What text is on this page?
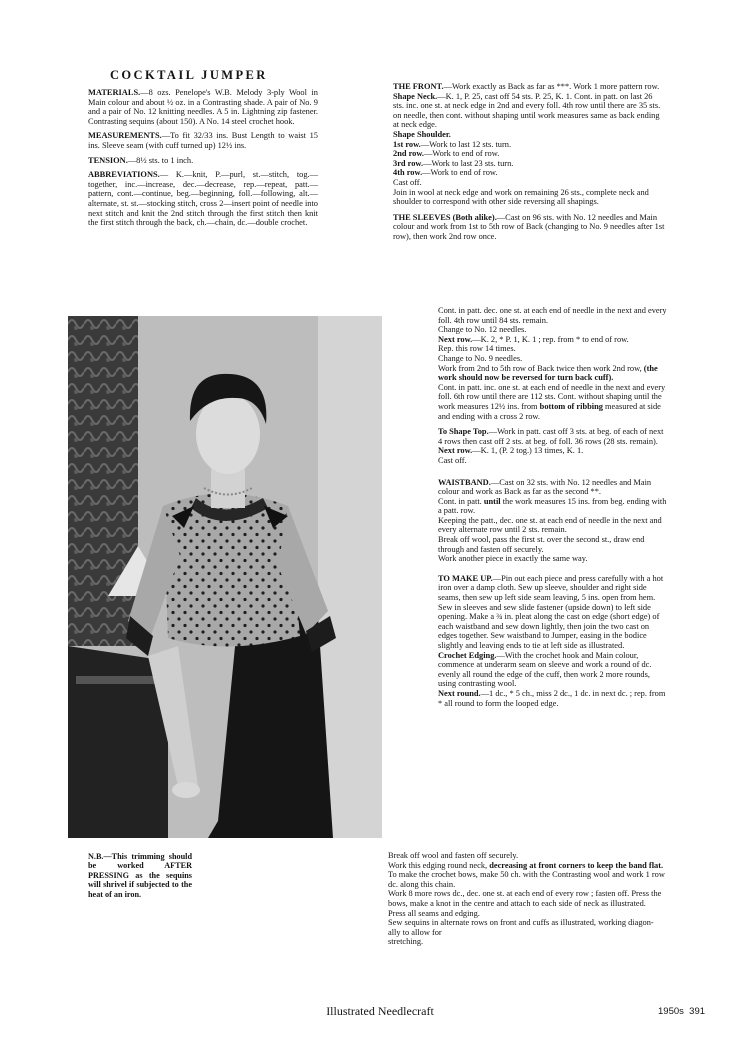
COCKTAIL JUMPER

MATERIALS.—8 ozs. Penelope's W.B. Melody 3-ply Wool in Main colour and about ½ oz. in a Contrasting shade. A pair of No. 9 and a pair of No. 12 knitting needles. A 5 in. Lightning zip fastener. Contrasting sequins (about 150). A No. 14 steel crochet hook.

MEASUREMENTS.—To fit 32/33 ins. Bust Length to waist 15 ins. Sleeve seam (with cuff turned up) 12½ ins.

TENSION.—8½ sts. to 1 inch.

ABBREVIATIONS.— K.—knit, P.—purl, st.—stitch, tog.—together, inc.—increase, dec.—decrease, rep.—repeat, patt.—pattern, cont.—continue, beg.—beginning, foll.—following, alt.—alternate, st. st.—stocking stitch, cross 2—insert point of needle into next stitch and knit the 2nd stitch through the first stitch then knit the first stitch through the back, ch.—chain, dc.—double crochet.

THE FRONT.—Work exactly as Back as far as ***. Work 1 more pattern row.

Shape Neck.—K. 1, P. 25, cast off 54 sts. P. 25, K. 1. Cont. in patt. on last 26 sts. inc. one st. at neck edge in 2nd and every foll. 4th row until there are 35 sts. on needle, then cont. without shaping until work measures same as back ending at neck edge.

Shape Shoulder.

1st row.—Work to last 12 sts. turn.

2nd row.—Work to end of row.

3rd row.—Work to last 23 sts. turn.

4th row.—Work to end of row.

Cast off.

Join in wool at neck edge and work on remaining 26 sts., complete neck and shoulder to correspond with other side reversing all shapings.

THE SLEEVES (Both alike).—Cast on 96 sts. with No. 12 needles and Main colour and work from 1st to 5th row of Back (changing to No. 9 needles after 1st row), then work 2nd row once.

Cont. in patt. dec. one st. at each end of needle in the next and every foll. 4th row until 84 sts. remain.

Change to No. 12 needles.

Next row.—K. 2, * P. 1, K. 1 ; rep. from * to end of row.

Rep. this row 14 times.

Change to No. 9 needles.

Work from 2nd to 5th row of Back twice then work 2nd row, (the work should now be reversed for turn back cuff).

Cont. in patt. inc. one st. at each end of needle in the next and every foll. 6th row until there are 112 sts. Cont. without shaping until the work measures 12½ ins. from bottom of ribbing measured at side and ending with a cross 2 row.

To Shape Top.—Work in patt. cast off 3 sts. at beg. of each of next 4 rows then cast off 2 sts. at beg. of foll. 36 rows (28 sts. remain).

Next row.—K. 1, (P. 2 tog.) 13 times, K. 1.

Cast off.

WAISTBAND.—Cast on 32 sts. with No. 12 needles and Main colour and work as Back as far as the second **.

Cont. in patt. until the work measures 15 ins. from beg. ending with a patt. row.

Keeping the patt., dec. one st. at each end of needle in the next and every alternate row until 2 sts. remain.

Break off wool, pass the first st. over the second st., draw end through and fasten off securely.

Work another piece in exactly the same way.

TO MAKE UP.—Pin out each piece and press carefully with a hot iron over a damp cloth. Sew up sleeve, shoulder and right side seams, then sew up left side seam leaving, 5 ins. open from hem. Sew in sleeves and sew slide fastener (upside down) to left side opening. Make a ¾ in. pleat along the cast on edge (short edge) of each waistband and sew down lightly, then join the two cast on edges together. Sew waistband to Jumper, easing in the bodice slightly and leaving ends to tie at left side as illustrated.

Crochet Edging.—With the crochet hook and Main colour, commence at underarm seam on sleeve and work a round of dc. evenly all round the edge of the cuff, then work 2 more rounds, using contrasting wool.

Next round.—1 dc., * 5 ch., miss 2 dc., 1 dc. in next dc. ; rep. from * all round to form the looped edge.

N.B.—This trimming should be worked AFTER PRESSING as the sequins will shrivel if subjected to the heat of an iron.

Break off wool and fasten off securely.

Work this edging round neck, decreasing at front corners to keep the band flat.

To make the crochet bows, make 50 ch. with the Contrasting wool and work 1 row dc. along this chain.

Work 8 more rows dc., dec. one st. at each end of every row ; fasten off. Press the bows, make a knot in the centre and attach to each side of neck as illustrated.

Press all seams and edging.

Sew sequins in alternate rows on front and cuffs as illustrated, working diagon-

ally to allow for

stretching.

Illustrated Needlecraft	1950s 391
